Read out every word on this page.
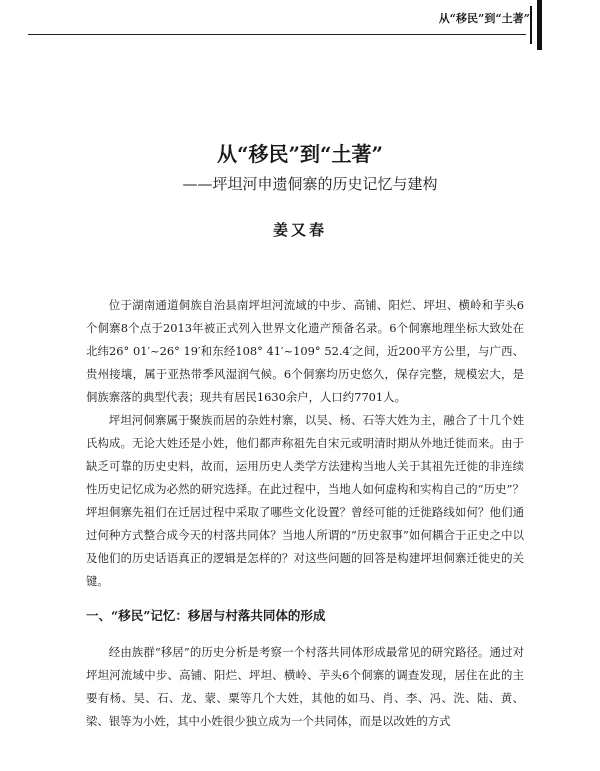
从“移民”到“土著”
从“移民”到“土著”
——坪坦河申遗侗寨的历史记忆与建构
姜又春

位于湖南通道侗族自治县南坪坦河流域的中步、高铺、阳烂、坪坦、横岭和芋头6个侗寨8个点于2013年被正式列入世界文化遗产预备名录。6个侗寨地理坐标大致处在北纬26° 01′~26° 19′和东经108° 41′~109° 52.4′之间，近200平方公里，与广西、贵州接壤，属于亚热带季风湿润气候。6个侗寨均历史悠久，保存完整，规模宏大，是侗族寨落的典型代表；现共有居民1630余户，人口约7701人。

坪坦河侗寨属于聚族而居的杂姓村寨，以吴、杨、石等大姓为主，融合了十几个姓氏构成。无论大姓还是小姓，他们都声称祖先自宋元或明清时期从外地迁徙而来。由于缺乏可靠的历史史料，故而，运用历史人类学方法建构当地人关于其祖先迁徙的非连续性历史记忆成为必然的研究选择。在此过程中，当地人如何虚构和实构自己的“历史”？坪坦侗寨先祖们在迁居过程中采取了哪些文化设置？曾经可能的迁徙路线如何？他们通过何种方式整合成今天的村落共同体？当地人所谓的“历史叙事”如何耦合于正史之中以及他们的历史话语真正的逻辑是怎样的？对这些问题的回答是构建坪坦侗寨迁徙史的关键。

一、“移民”记忆：移居与村落共同体的形成

经由族群“移居”的历史分析是考察一个村落共同体形成最常见的研究路径。通过对坪坦河流域中步、高铺、阳烂、坪坦、横岭、芋头6个侗寨的调查发现，居住在此的主要有杨、吴、石、龙、蒙、粟等几个大姓，其他的如马、肖、李、冯、洗、陆、黄、梁、银等为小姓，其中小姓很少独立成为一个共同体，而是以改姓的方式
